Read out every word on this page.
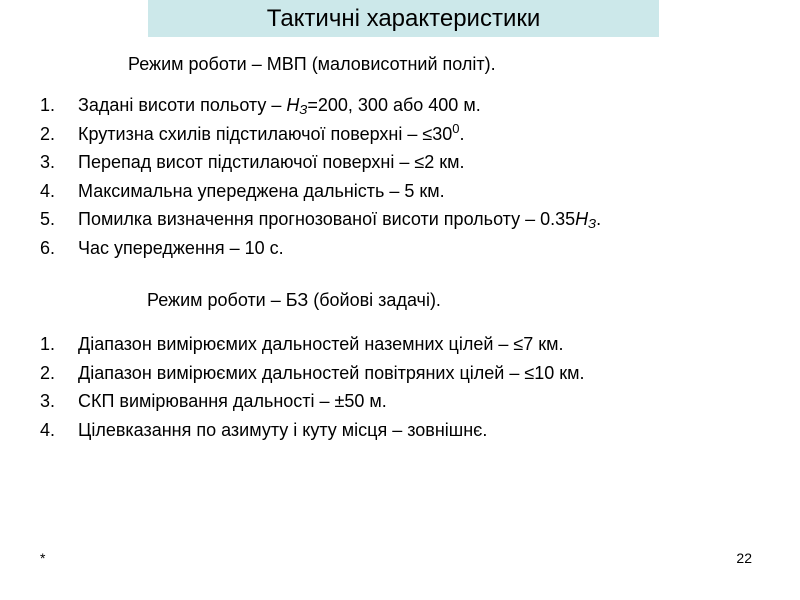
Тактичні характеристики
Режим роботи – МВП (маловисотний політ).
1. Задані висоти польоту – $H_З=200$, 300 або 400 м.
2. Крутизна схилів підстилаючої поверхні – $\le 30^0$.
3. Перепад висот підстилаючої поверхні – ≤2 км.
4. Максимальна упереджена дальність – 5 км.
5. Помилка визначення прогнозованої висоти прольоту – $0.35H_З$.
6. Час упередження – 10 с.
Режим роботи – БЗ (бойові задачі).
1. Діапазон вимірюємих дальностей наземних цілей – ≤7 км.
2. Діапазон вимірюємих дальностей повітряних цілей – ≤10 км.
3. СКП вимірювання дальності – ±50 м.
4. Цілевказання по азимуту і куту місця – зовнішнє.
*	22
